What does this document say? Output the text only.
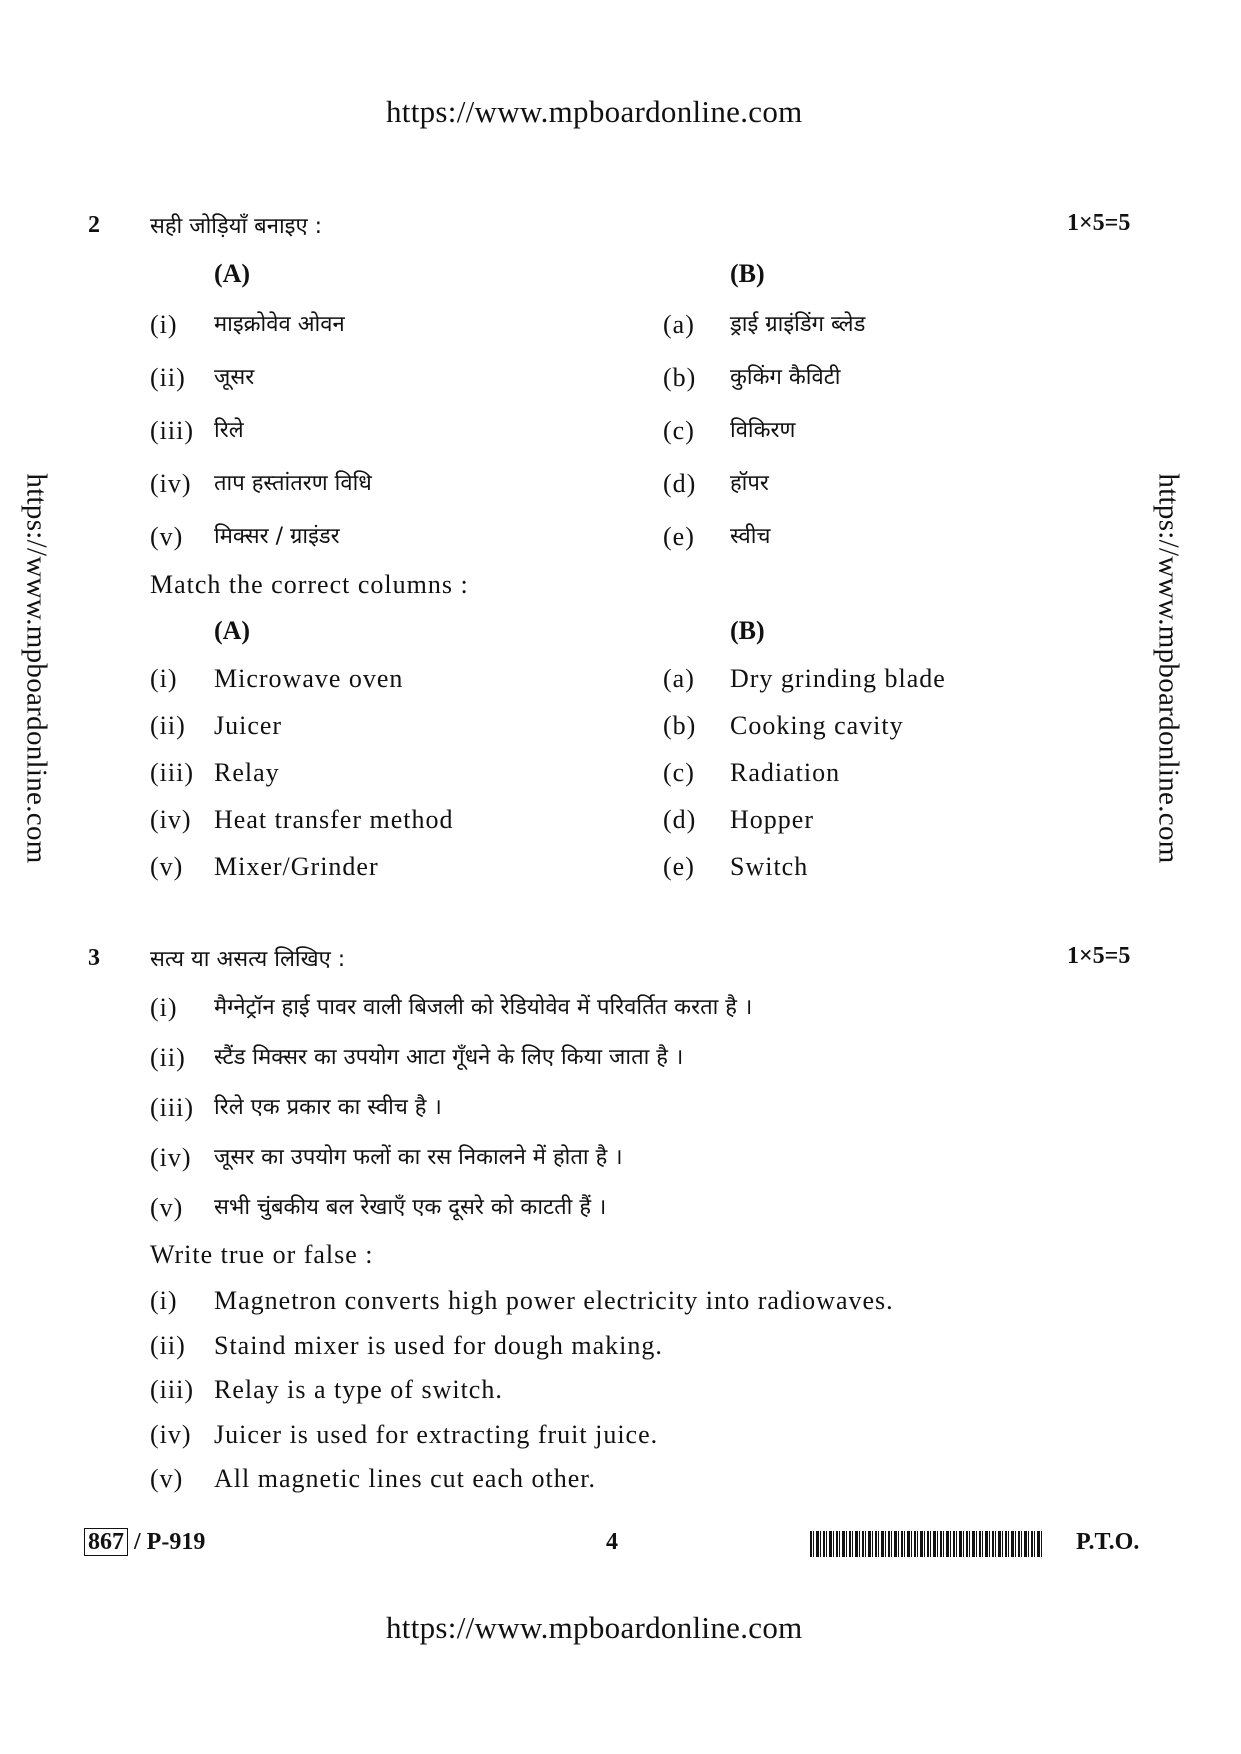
https://www.mpboardonline.com
https://www.mpboardonline.com	https://www.mpboardonline.com
2 सही जोड़ियाँ बनाइए :	1×5=5
(A)	(B)
(i) माइक्रोवेव ओवन	(a) ड्राई ग्राइंडिंग ब्लेड
(ii) जूसर	(b) कुकिंग कैविटी
(iii) रिले	(c) विकिरण
(iv) ताप हस्तांतरण विधि	(d) हॉपर
(v) मिक्सर / ग्राइंडर	(e) स्वीच
Match the correct columns :
(A)	(B)
(i) Microwave oven	(a) Dry grinding blade
(ii) Juicer	(b) Cooking cavity
(iii) Relay	(c) Radiation
(iv) Heat transfer method	(d) Hopper
(v) Mixer/Grinder	(e) Switch
3 सत्य या असत्य लिखिए :	1×5=5
(i) मैग्नेट्रॉन हाई पावर वाली बिजली को रेडियोवेव में परिवर्तित करता है ।
(ii) स्टैंड मिक्सर का उपयोग आटा गूँधने के लिए किया जाता है ।
(iii) रिले एक प्रकार का स्वीच है ।
(iv) जूसर का उपयोग फलों का रस निकालने में होता है ।
(v) सभी चुंबकीय बल रेखाएँ एक दूसरे को काटती हैं ।
Write true or false :
(i) Magnetron converts high power electricity into radiowaves.
(ii) Staind mixer is used for dough making.
(iii) Relay is a type of switch.
(iv) Juicer is used for extracting fruit juice.
(v) All magnetic lines cut each other.
867 / P-919	4	P.T.O.
https://www.mpboardonline.com
